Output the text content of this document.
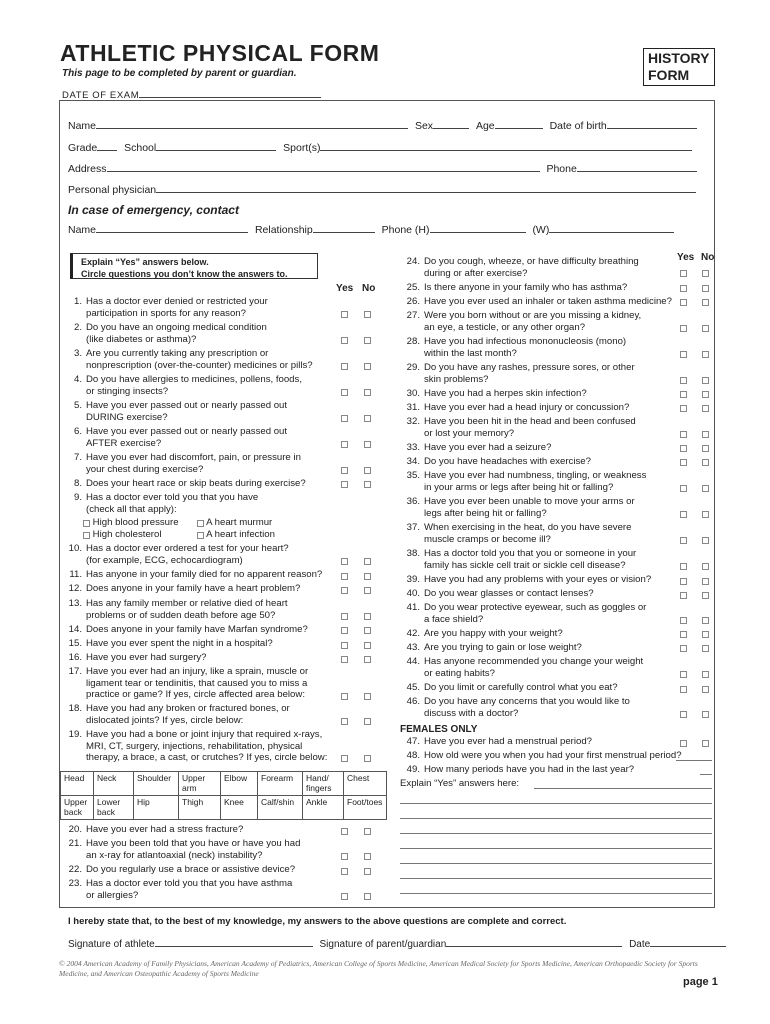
ATHLETIC PHYSICAL FORM
This page to be completed by parent or guardian.
HISTORY
FORM
DATE OF EXAM
Name	Sex	Age	Date of birth
Grade	School	Sport(s)
Address	Phone
Personal physician
In case of emergency, contact
Name	Relationship	Phone (H)	(W)
Explain “Yes” answers below.
Circle questions you don’t know the answers to.
Yes No
Yes No
1. Has a doctor ever denied or restricted your
participation in sports for any reason?
2. Do you have an ongoing medical condition
(like diabetes or asthma)?
3. Are you currently taking any prescription or
nonprescription (over-the-counter) medicines or pills?
4. Do you have allergies to medicines, pollens, foods,
or stinging insects?
5. Have you ever passed out or nearly passed out
DURING exercise?
6. Have you ever passed out or nearly passed out
AFTER exercise?
7. Have you ever had discomfort, pain, or pressure in
your chest during exercise?
8. Does your heart race or skip beats during exercise?
9. Has a doctor ever told you that you have
(check all that apply):
10. Has a doctor ever ordered a test for your heart?
(for example, ECG, echocardiogram)
11. Has anyone in your family died for no apparent reason?
12. Does anyone in your family have a heart problem?
13. Has any family member or relative died of heart
problems or of sudden death before age 50?
14. Does anyone in your family have Marfan syndrome?
15. Have you ever spent the night in a hospital?
16. Have you ever had surgery?
17. Have you ever had an injury, like a sprain, muscle or
ligament tear or tendinitis, that caused you to miss a
practice or game? If yes, circle affected area below:
18. Have you had any broken or fractured bones, or
dislocated joints? If yes, circle below:
19. Have you had a bone or joint injury that required x-rays,
MRI, CT, surgery, injections, rehabilitation, physical
therapy, a brace, a cast, or crutches? If yes, circle below:
20. Have you ever had a stress fracture?
21. Have you been told that you have or have you had
an x-ray for atlantoaxial (neck) instability?
22. Do you regularly use a brace or assistive device?
23. Has a doctor ever told you that you have asthma
or allergies?
24. Do you cough, wheeze, or have difficulty breathing
during or after exercise?
25. Is there anyone in your family who has asthma?
26. Have you ever used an inhaler or taken asthma medicine?
27. Were you born without or are you missing a kidney,
an eye, a testicle, or any other organ?
28. Have you had infectious mononucleosis (mono)
within the last month?
29. Do you have any rashes, pressure sores, or other
skin problems?
30. Have you had a herpes skin infection?
31. Have you ever had a head injury or concussion?
32. Have you been hit in the head and been confused
or lost your memory?
33. Have you ever had a seizure?
34. Do you have headaches with exercise?
35. Have you ever had numbness, tingling, or weakness
in your arms or legs after being hit or falling?
36. Have you ever been unable to move your arms or
legs after being hit or falling?
37. When exercising in the heat, do you have severe
muscle cramps or become ill?
38. Has a doctor told you that you or someone in your
family has sickle cell trait or sickle cell disease?
39. Have you had any problems with your eyes or vision?
40. Do you wear glasses or contact lenses?
41. Do you wear protective eyewear, such as goggles or
a face shield?
42. Are you happy with your weight?
43. Are you trying to gain or lose weight?
44. Has anyone recommended you change your weight
or eating habits?
45. Do you limit or carefully control what you eat?
46. Do you have any concerns that you would like to
discuss with a doctor?
High blood pressure	A heart murmur
High cholesterol	A heart infection
Head	Neck	Shoulder	Upper arm	Elbow	Forearm	Hand/ fingers	Chest
Upper back	Lower back	Hip	Thigh	Knee	Calf/shin	Ankle	Foot/toes
FEMALES ONLY
47. Have you ever had a menstrual period?
48. How old were you when you had your first menstrual period?
49. How many periods have you had in the last year?
Explain “Yes” answers here:
I hereby state that, to the best of my knowledge, my answers to the above questions are complete and correct.
Signature of athlete	Signature of parent/guardian	Date
© 2004 American Academy of Family Physicians, American Academy of Pediatrics, American College of Sports Medicine, American Medical Society for Sports Medicine, American Orthopaedic Society for Sports Medicine, and American Osteopathic Academy of Sports Medicine
page 1
